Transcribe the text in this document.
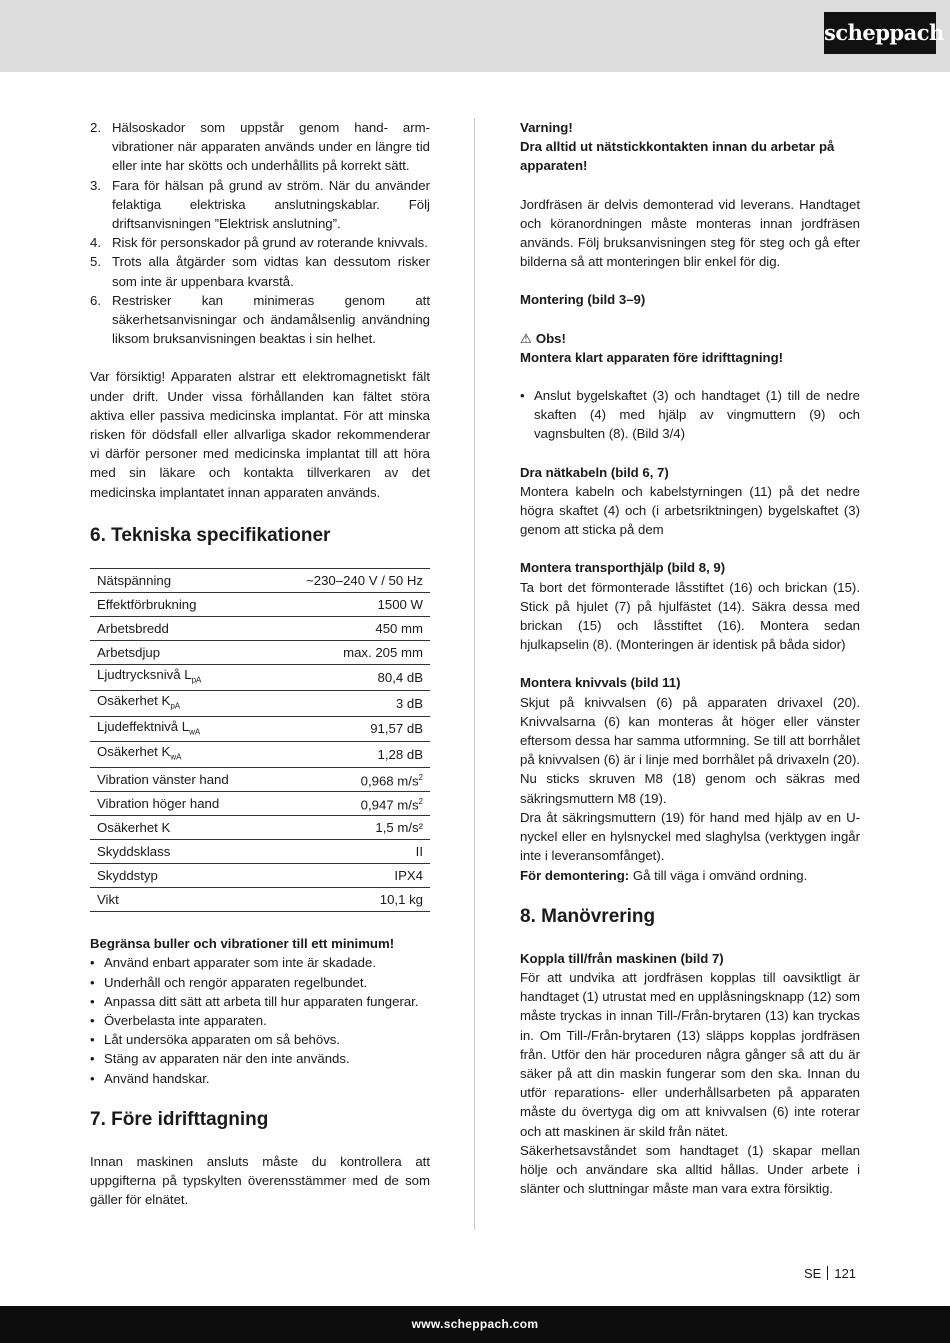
scheppach
2. Hälsoskador som uppstår genom hand- arm-vibrationer när apparaten används under en längre tid eller inte har skötts och underhållits på korrekt sätt.
3. Fara för hälsan på grund av ström. När du använder felaktiga elektriska anslutningskablar. Följ driftsanvisningen ”Elektrisk anslutning”.
4. Risk för personskador på grund av roterande knivvals.
5. Trots alla åtgärder som vidtas kan dessutom risker som inte är uppenbara kvarstå.
6. Restrisker kan minimeras genom att säkerhetsanvisningar och ändamålsenlig användning liksom bruksanvisningen beaktas i sin helhet.

Var försiktig! Apparaten alstrar ett elektromagnetiskt fält under drift. Under vissa förhållanden kan fältet störa aktiva eller passiva medicinska implantat. För att minska risken för dödsfall eller allvarliga skador rekommenderar vi därför personer med medicinska implantat till att höra med sin läkare och kontakta tillverkaren av det medicinska implantatet innan apparaten används.

6. Tekniska specifikationer
Nätspänning	~230–240 V / 50 Hz
Effektförbrukning	1500 W
Arbetsbredd	450 mm
Arbetsdjup	max. 205 mm
Ljudtrycksnivå $L_{pA}$	80,4 dB
Osäkerhet $K_{pA}$	3 dB
Ljudeffektnivå $L_{wA}$	91,57 dB
Osäkerhet $K_{wA}$	1,28 dB
Vibration vänster hand	0,968 $m/s^2$
Vibration höger hand	0,947 $m/s^2$
Osäkerhet K	1,5 m/s²
Skyddsklass	II
Skyddstyp	IPX4
Vikt	10,1 kg

Begränsa buller och vibrationer till ett minimum!

• Använd enbart apparater som inte är skadade.
• Underhåll och rengör apparaten regelbundet.
• Anpassa ditt sätt att arbeta till hur apparaten fungerar.
• Överbelasta inte apparaten.
• Låt undersöka apparaten om så behövs.
• Stäng av apparaten när den inte används.
• Använd handskar.
7. Före idrifttagning

Innan maskinen ansluts måste du kontrollera att uppgifterna på typskylten överensstämmer med de som gäller för elnätet.

Varning!

Dra alltid ut nätstickkontakten innan du arbetar på apparaten!

Jordfräsen är delvis demonterad vid leverans. Handtaget och köranordningen måste monteras innan jordfräsen används. Följ bruksanvisningen steg för steg och gå efter bilderna så att monteringen blir enkel för dig.

Montering (bild 3–9)

⚠ Obs!

Montera klart apparaten före idrifttagning!

• Anslut bygelskaftet (3) och handtaget (1) till de nedre skaften (4) med hjälp av vingmuttern (9) och vagnsbulten (8). (Bild 3/4)

Dra nätkabeln (bild 6, 7)

Montera kabeln och kabelstyrningen (11) på det nedre högra skaftet (4) och (i arbetsriktningen) bygelskaftet (3) genom att sticka på dem

Montera transporthjälp (bild 8, 9)

Ta bort det förmonterade låsstiftet (16) och brickan (15). Stick på hjulet (7) på hjulfästet (14). Säkra dessa med brickan (15) och låsstiftet (16). Montera sedan hjulkapselin (8). (Monteringen är identisk på båda sidor)

Montera knivvals (bild 11)

Skjut på knivvalsen (6) på apparaten drivaxel (20). Knivvalsarna (6) kan monteras åt höger eller vänster eftersom dessa har samma utformning. Se till att borrhålet på knivvalsen (6) är i linje med borrhålet på drivaxeln (20). Nu sticks skruven M8 (18) genom och säkras med säkringsmuttern M8 (19).

Dra åt säkringsmuttern (19) för hand med hjälp av en U-nyckel eller en hylsnyckel med slaghylsa (verktygen ingår inte i leveransomfånget).

För demontering: Gå till väga i omvänd ordning.

8. Manövrering

Koppla till/från maskinen (bild 7)

För att undvika att jordfräsen kopplas till oavsiktligt är handtaget (1) utrustat med en upplåsningsknapp (12) som måste tryckas in innan Till-/Från-brytaren (13) kan tryckas in. Om Till-/Från-brytaren (13) släpps kopplas jordfräsen från. Utför den här proceduren några gånger så att du är säker på att din maskin fungerar som den ska. Innan du utför reparations- eller underhållsarbeten på apparaten måste du övertyga dig om att knivvalsen (6) inte roterar och att maskinen är skild från nätet.

Säkerhetsavståndet som handtaget (1) skapar mellan hölje och användare ska alltid hållas. Under arbete i slänter och sluttningar måste man vara extra försiktig.

SE 121
www.scheppach.com
